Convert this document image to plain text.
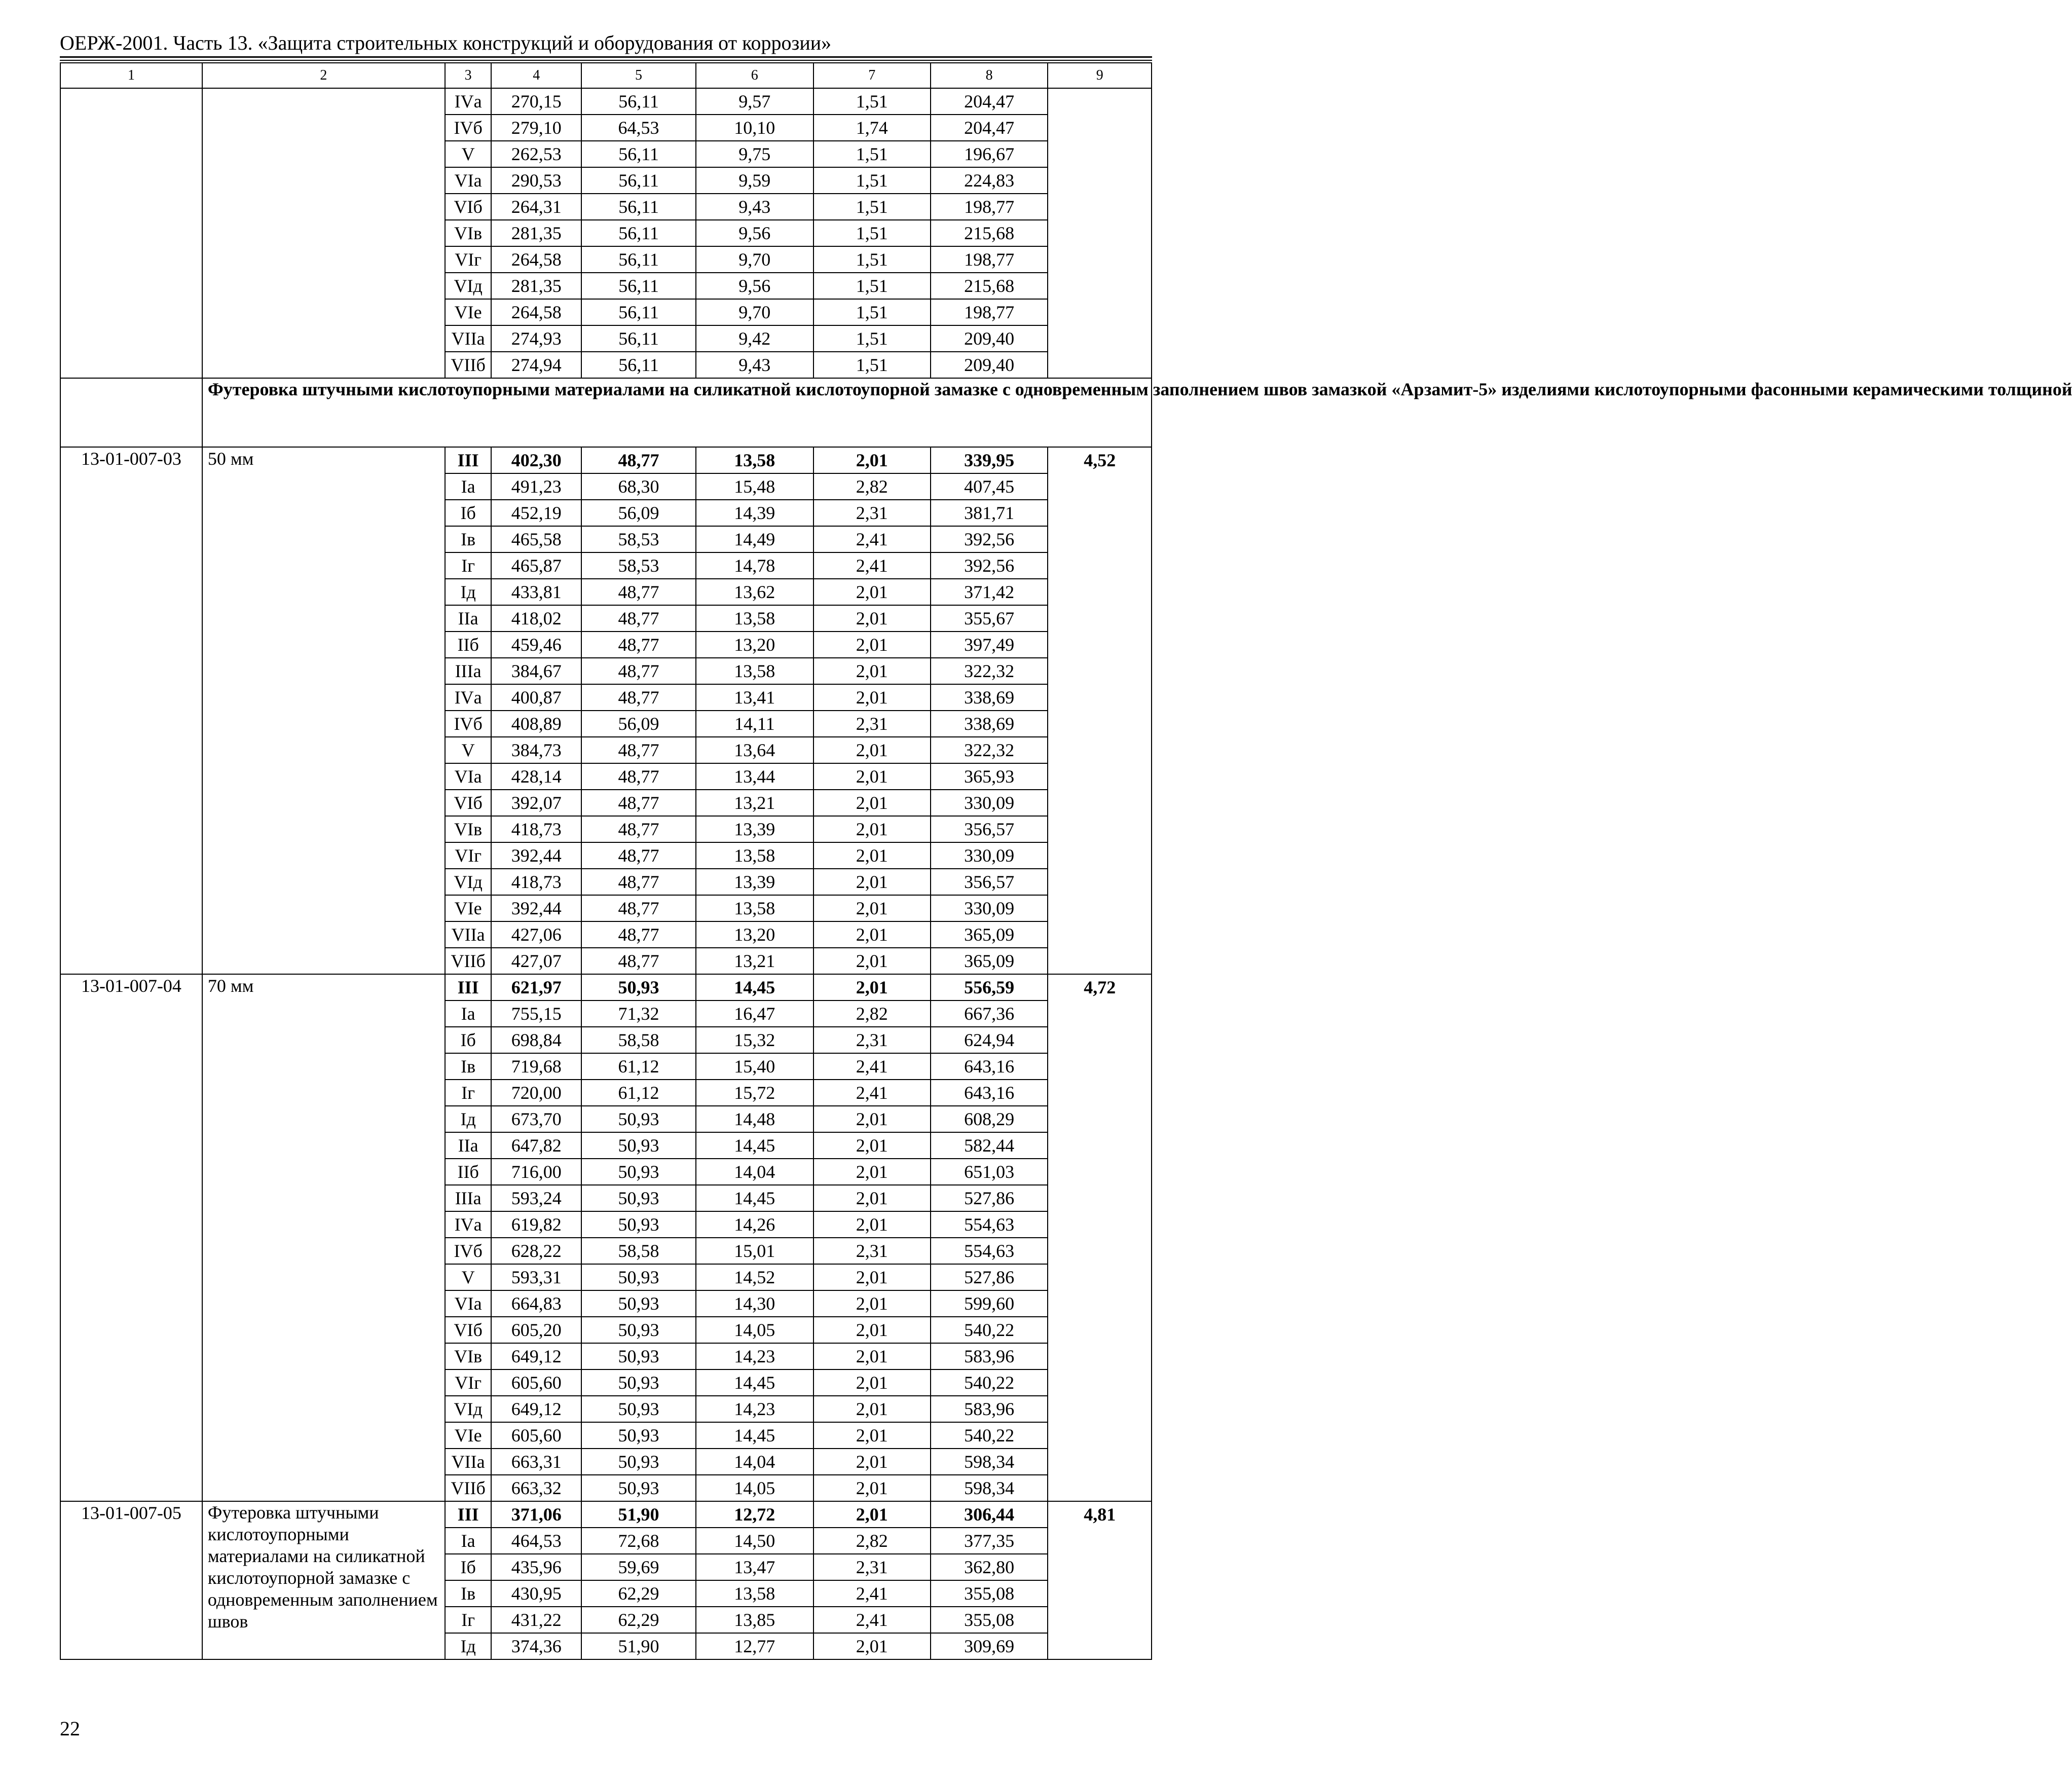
ОЕРЖ-2001. Часть 13. «Защита строительных конструкций и оборудования от коррозии»
1	2	3	4	5	6	7	8	9
		IVа	270,15	56,11	9,57	1,51	204,47	
		IVб	279,10	64,53	10,10	1,74	204,47	
		V	262,53	56,11	9,75	1,51	196,67	
		VIа	290,53	56,11	9,59	1,51	224,83	
		VIб	264,31	56,11	9,43	1,51	198,77	
		VIв	281,35	56,11	9,56	1,51	215,68	
		VIг	264,58	56,11	9,70	1,51	198,77	
		VIд	281,35	56,11	9,56	1,51	215,68	
		VIе	264,58	56,11	9,70	1,51	198,77	
		VIIа	274,93	56,11	9,42	1,51	209,40	
		VIIб	274,94	56,11	9,43	1,51	209,40	
	Футеровка штучными кислотоупорными материалами на силикатной кислотоупорной замазке с одновременным заполнением швов замазкой «Арзамит-5» изделиями кислотоупорными фасонными керамическими толщиной							
13-01-007-03	50 мм	III	402,30	48,77	13,58	2,01	339,95	4,52
		Iа	491,23	68,30	15,48	2,82	407,45	
		Iб	452,19	56,09	14,39	2,31	381,71	
		Iв	465,58	58,53	14,49	2,41	392,56	
		Iг	465,87	58,53	14,78	2,41	392,56	
		Iд	433,81	48,77	13,62	2,01	371,42	
		IIа	418,02	48,77	13,58	2,01	355,67	
		IIб	459,46	48,77	13,20	2,01	397,49	
		IIIа	384,67	48,77	13,58	2,01	322,32	
		IVа	400,87	48,77	13,41	2,01	338,69	
		IVб	408,89	56,09	14,11	2,31	338,69	
		V	384,73	48,77	13,64	2,01	322,32	
		VIа	428,14	48,77	13,44	2,01	365,93	
		VIб	392,07	48,77	13,21	2,01	330,09	
		VIв	418,73	48,77	13,39	2,01	356,57	
		VIг	392,44	48,77	13,58	2,01	330,09	
		VIд	418,73	48,77	13,39	2,01	356,57	
		VIе	392,44	48,77	13,58	2,01	330,09	
		VIIа	427,06	48,77	13,20	2,01	365,09	
		VIIб	427,07	48,77	13,21	2,01	365,09	
13-01-007-04	70 мм	III	621,97	50,93	14,45	2,01	556,59	4,72
		Iа	755,15	71,32	16,47	2,82	667,36	
		Iб	698,84	58,58	15,32	2,31	624,94	
		Iв	719,68	61,12	15,40	2,41	643,16	
		Iг	720,00	61,12	15,72	2,41	643,16	
		Iд	673,70	50,93	14,48	2,01	608,29	
		IIа	647,82	50,93	14,45	2,01	582,44	
		IIб	716,00	50,93	14,04	2,01	651,03	
		IIIа	593,24	50,93	14,45	2,01	527,86	
		IVа	619,82	50,93	14,26	2,01	554,63	
		IVб	628,22	58,58	15,01	2,31	554,63	
		V	593,31	50,93	14,52	2,01	527,86	
		VIа	664,83	50,93	14,30	2,01	599,60	
		VIб	605,20	50,93	14,05	2,01	540,22	
		VIв	649,12	50,93	14,23	2,01	583,96	
		VIг	605,60	50,93	14,45	2,01	540,22	
		VIд	649,12	50,93	14,23	2,01	583,96	
		VIе	605,60	50,93	14,45	2,01	540,22	
		VIIа	663,31	50,93	14,04	2,01	598,34	
		VIIб	663,32	50,93	14,05	2,01	598,34	
13-01-007-05	Футеровка штучными кислотоупорными материалами на силикатной кислотоупорной замазке с одновременным заполнением швов	III	371,06	51,90	12,72	2,01	306,44	4,81
		Iа	464,53	72,68	14,50	2,82	377,35	
		Iб	435,96	59,69	13,47	2,31	362,80	
		Iв	430,95	62,29	13,58	2,41	355,08	
		Iг	431,22	62,29	13,85	2,41	355,08	
		Iд	374,36	51,90	12,77	2,01	309,69	
22
